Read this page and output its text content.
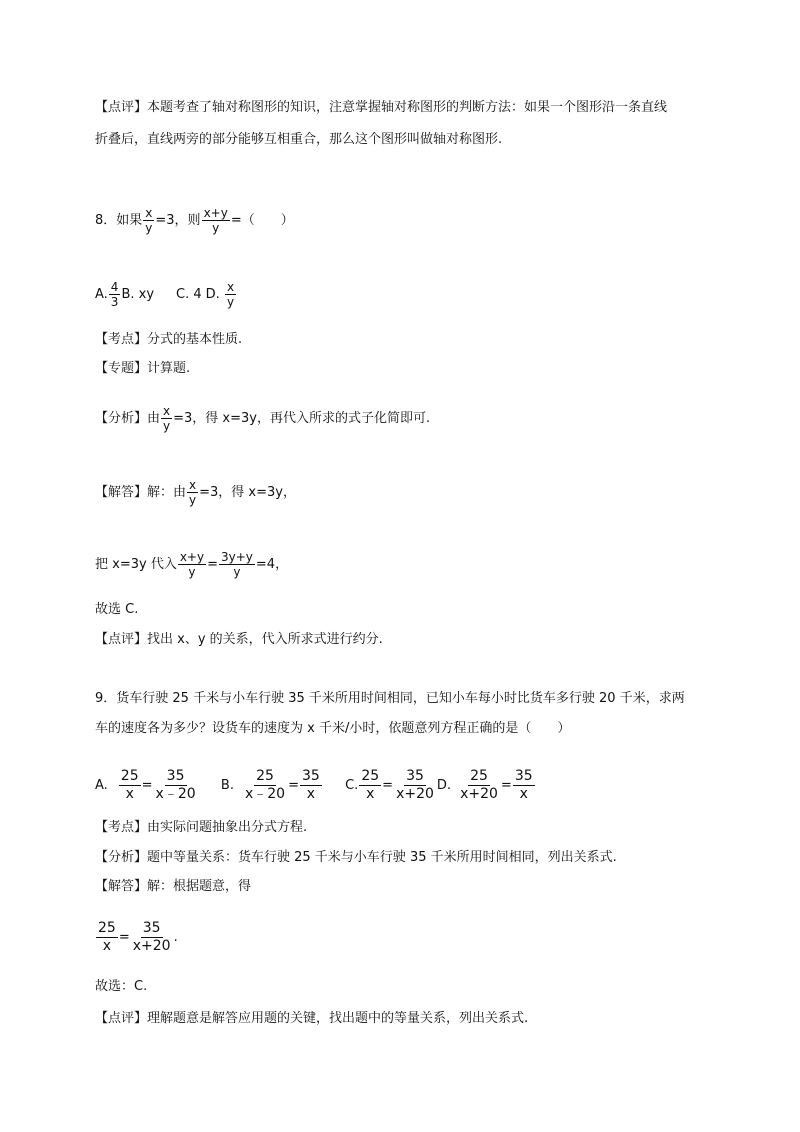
【点评】本题考查了轴对称图形的知识，注意掌握轴对称图形的判断方法：如果一个图形沿一条直线
折叠后，直线两旁的部分能够互相重合，那么这个图形叫做轴对称图形.
8．如果 $\frac{x}{y} =3$，则 $\frac{x+y}{y}$ =（　　）
A. $\frac{4}{3} B$. xy C. 4 D. $\frac{x}{y}$
【考点】分式的基本性质.
【专题】计算题.
【分析】由 $\frac{x}{y} =3$，得 x=3y，再代入所求的式子化简即可.
【解答】解：由 $\frac{x}{y} =3$，得 x=3y，
把 x=3y 代入 $\frac{x+y}{y} = \frac{3y+y}{y} =4$，
故选 C.
【点评】找出 x、y 的关系，代入所求式进行约分.
9．货车行驶 25 千米与小车行驶 35 千米所用时间相同，已知小车每小时比货车多行驶 20 千米，求两
车的速度各为多少？设货车的速度为 x 千米/小时，依题意列方程正确的是（　　）
A. $\frac{25}{x} = \frac{35}{x﹣20} B$. $\frac{25}{x﹣20} = \frac{35}{x} C$. $\frac{25}{x} = \frac{35}{x+20} D$. $\frac{25}{x+20} = \frac{35}{x}$
【考点】由实际问题抽象出分式方程.
【分析】题中等量关系：货车行驶 25 千米与小车行驶 35 千米所用时间相同，列出关系式.
【解答】解：根据题意，得
$\frac{25}{x} = \frac{35}{x+20}$ .
故选：C.
【点评】理解题意是解答应用题的关键，找出题中的等量关系，列出关系式.
